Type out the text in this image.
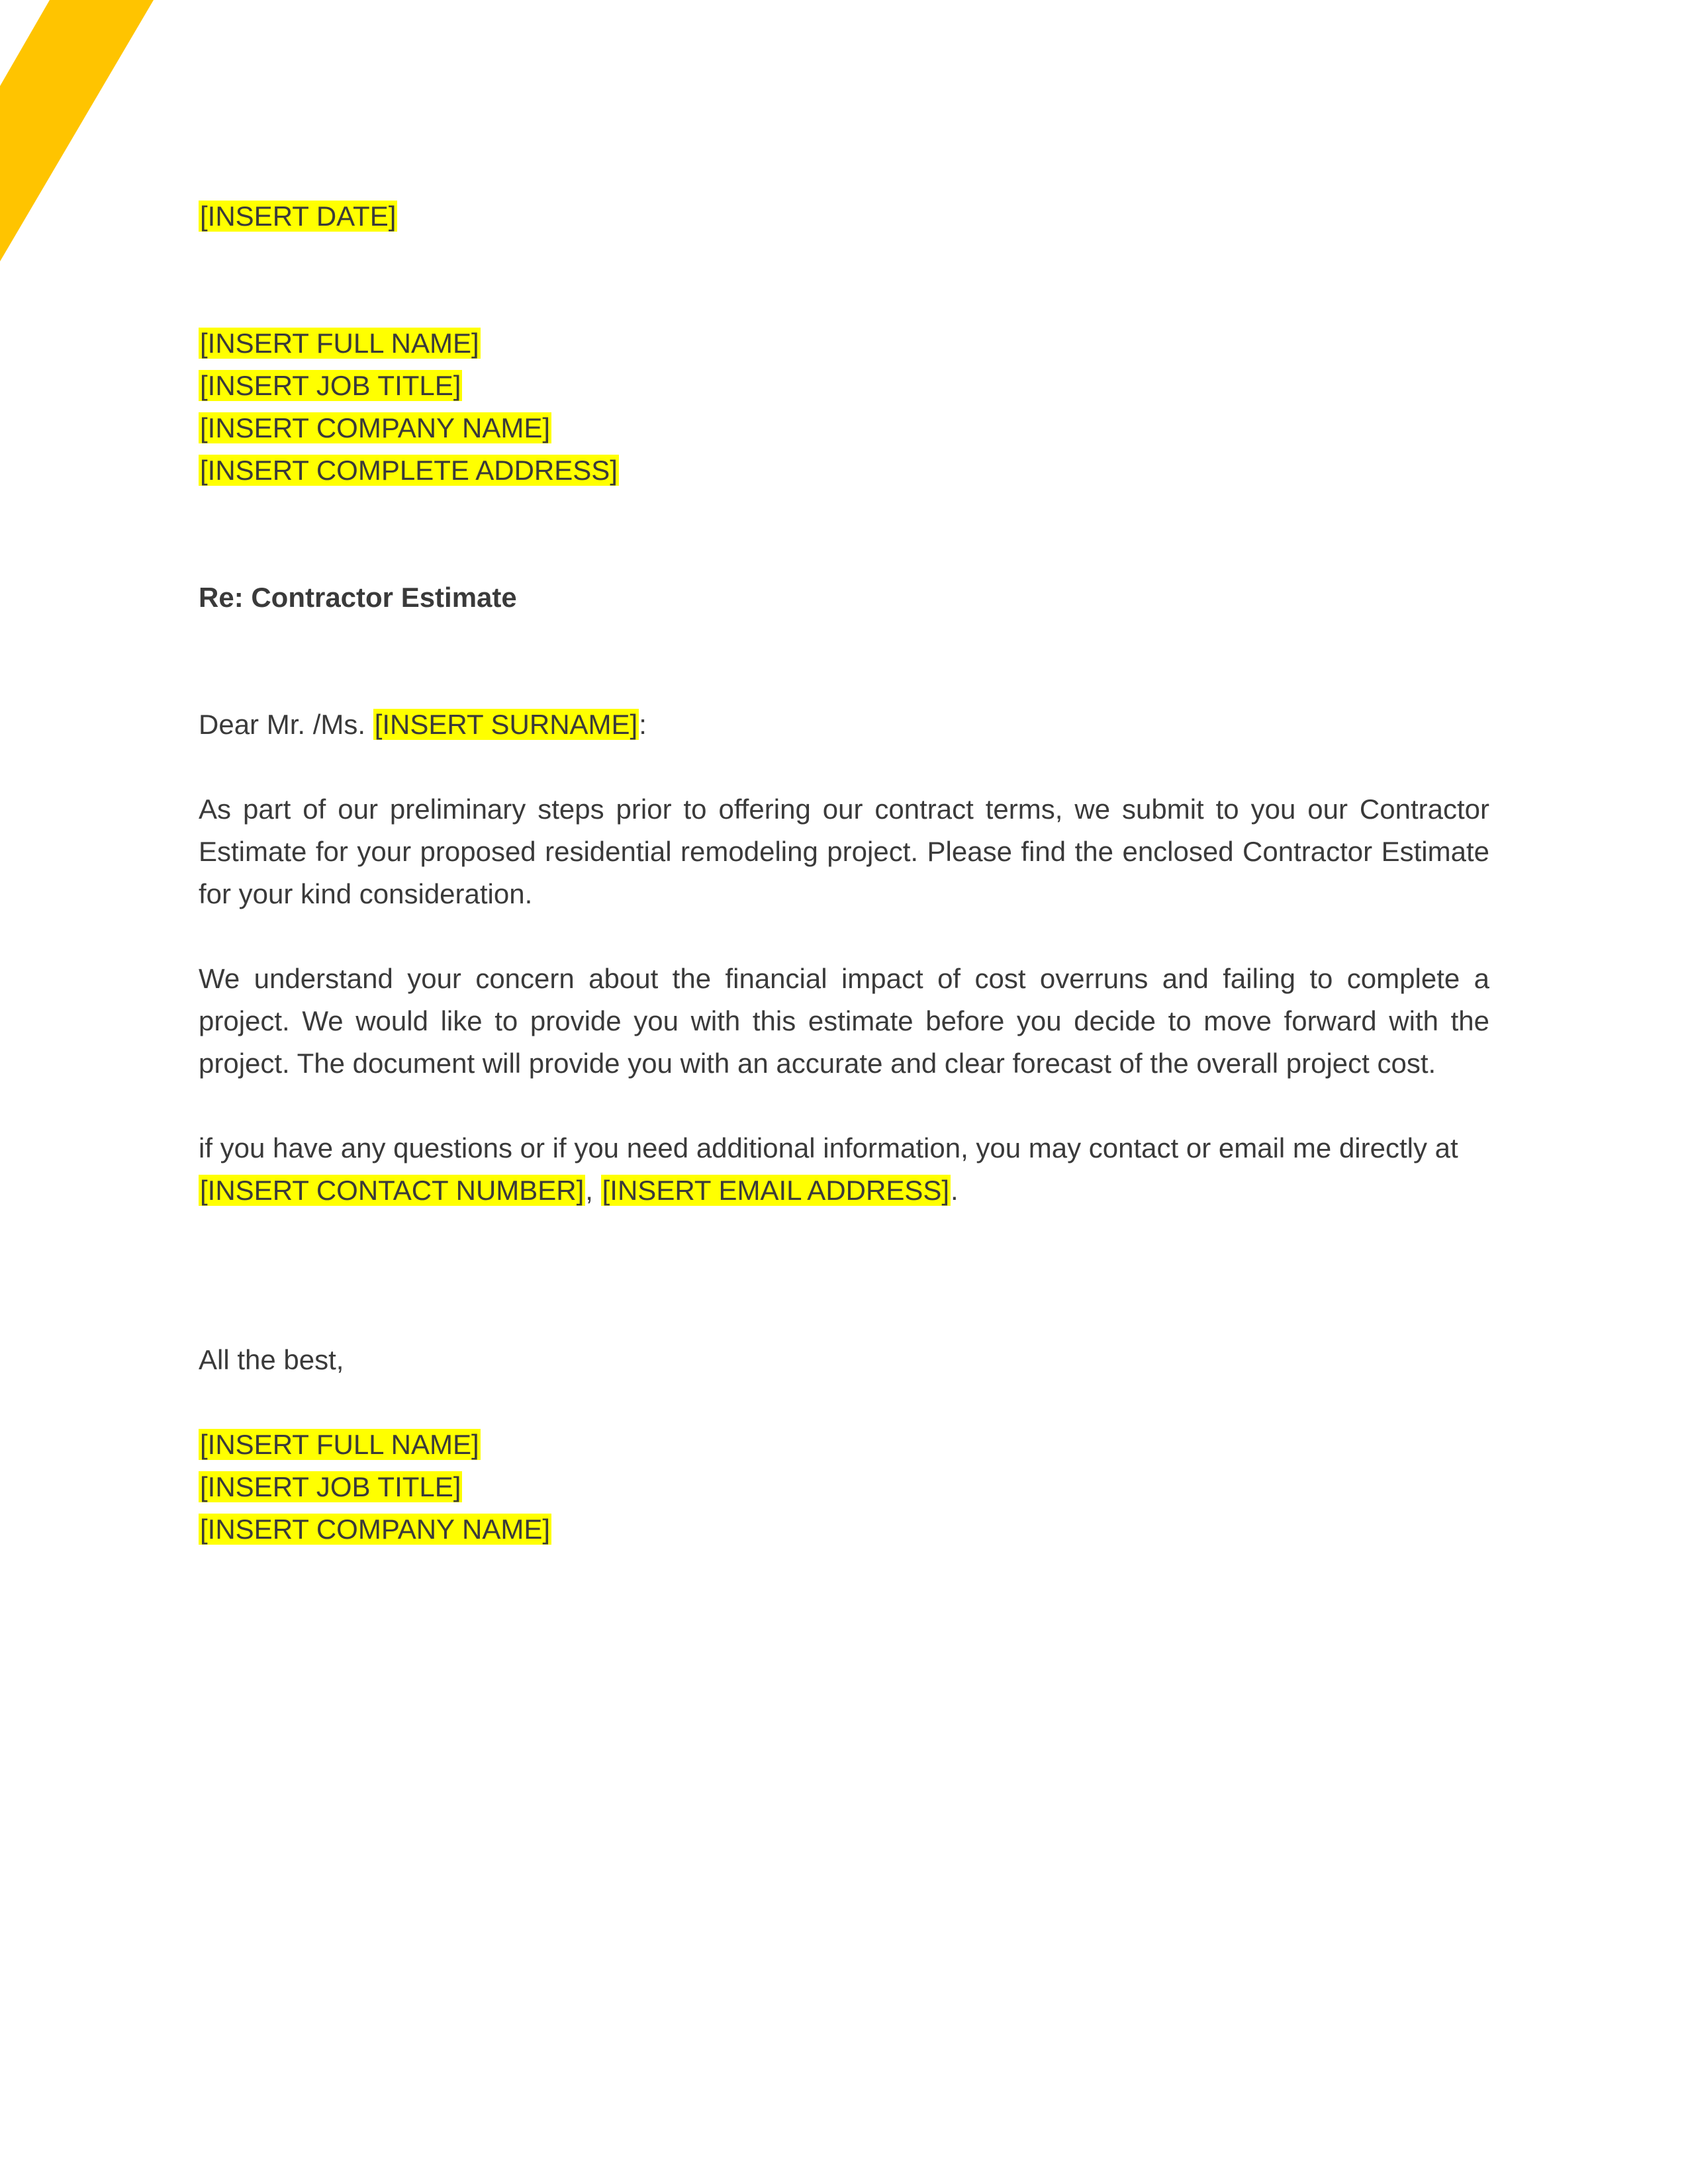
[INSERT DATE]
[INSERT FULL NAME]
[INSERT JOB TITLE]
[INSERT COMPANY NAME]
[INSERT COMPLETE ADDRESS]
Re: Contractor Estimate
Dear Mr. /Ms. [INSERT SURNAME]:
As part of our preliminary steps prior to offering our contract terms, we submit to you our Contractor Estimate for your proposed residential remodeling project. Please find the enclosed Contractor Estimate for your kind consideration.
We understand your concern about the financial impact of cost overruns and failing to complete a project. We would like to provide you with this estimate before you decide to move forward with the project. The document will provide you with an accurate and clear forecast of the overall project cost.
if you have any questions or if you need additional information, you may contact or email me directly at
[INSERT CONTACT NUMBER], [INSERT EMAIL ADDRESS].
All the best,
[INSERT FULL NAME]
[INSERT JOB TITLE]
[INSERT COMPANY NAME]
